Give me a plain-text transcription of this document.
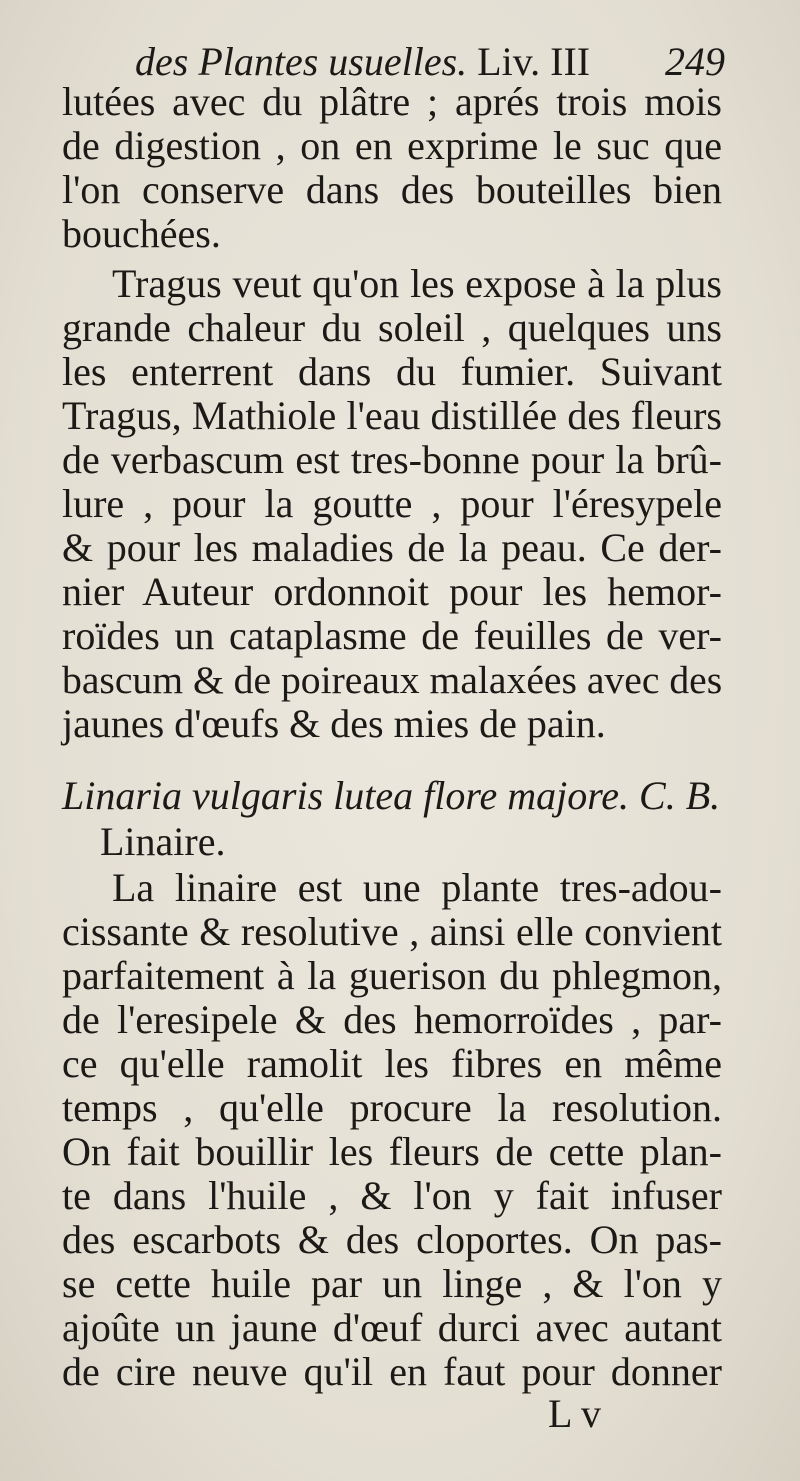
des Plantes usuelles. Liv. III 249
lutées avec du plâtre ; aprés trois mois
de digestion , on en exprime le suc que
l'on conserve dans des bouteilles bien
bouchées.
Tragus veut qu'on les expose à la plus
grande chaleur du soleil , quelques uns
les enterrent dans du fumier. Suivant
Tragus, Mathiole l'eau distillée des fleurs
de verbascum est tres-bonne pour la brû-
lure , pour la goutte , pour l'éresypele
& pour les maladies de la peau. Ce der-
nier Auteur ordonnoit pour les hemor-
roïdes un cataplasme de feuilles de ver-
bascum & de poireaux malaxées avec des
jaunes d'œufs & des mies de pain.
Linaria vulgaris lutea flore majore. C. B.
Linaire.
La linaire est une plante tres-adou-
cissante & resolutive , ainsi elle convient
parfaitement à la guerison du phlegmon,
de l'eresipele & des hemorroïdes , par-
ce qu'elle ramolit les fibres en même
temps , qu'elle procure la resolution.
On fait bouillir les fleurs de cette plan-
te dans l'huile , & l'on y fait infuser
des escarbots & des cloportes. On pas-
se cette huile par un linge , & l'on y
ajoûte un jaune d'œuf durci avec autant
de cire neuve qu'il en faut pour donner
L v
